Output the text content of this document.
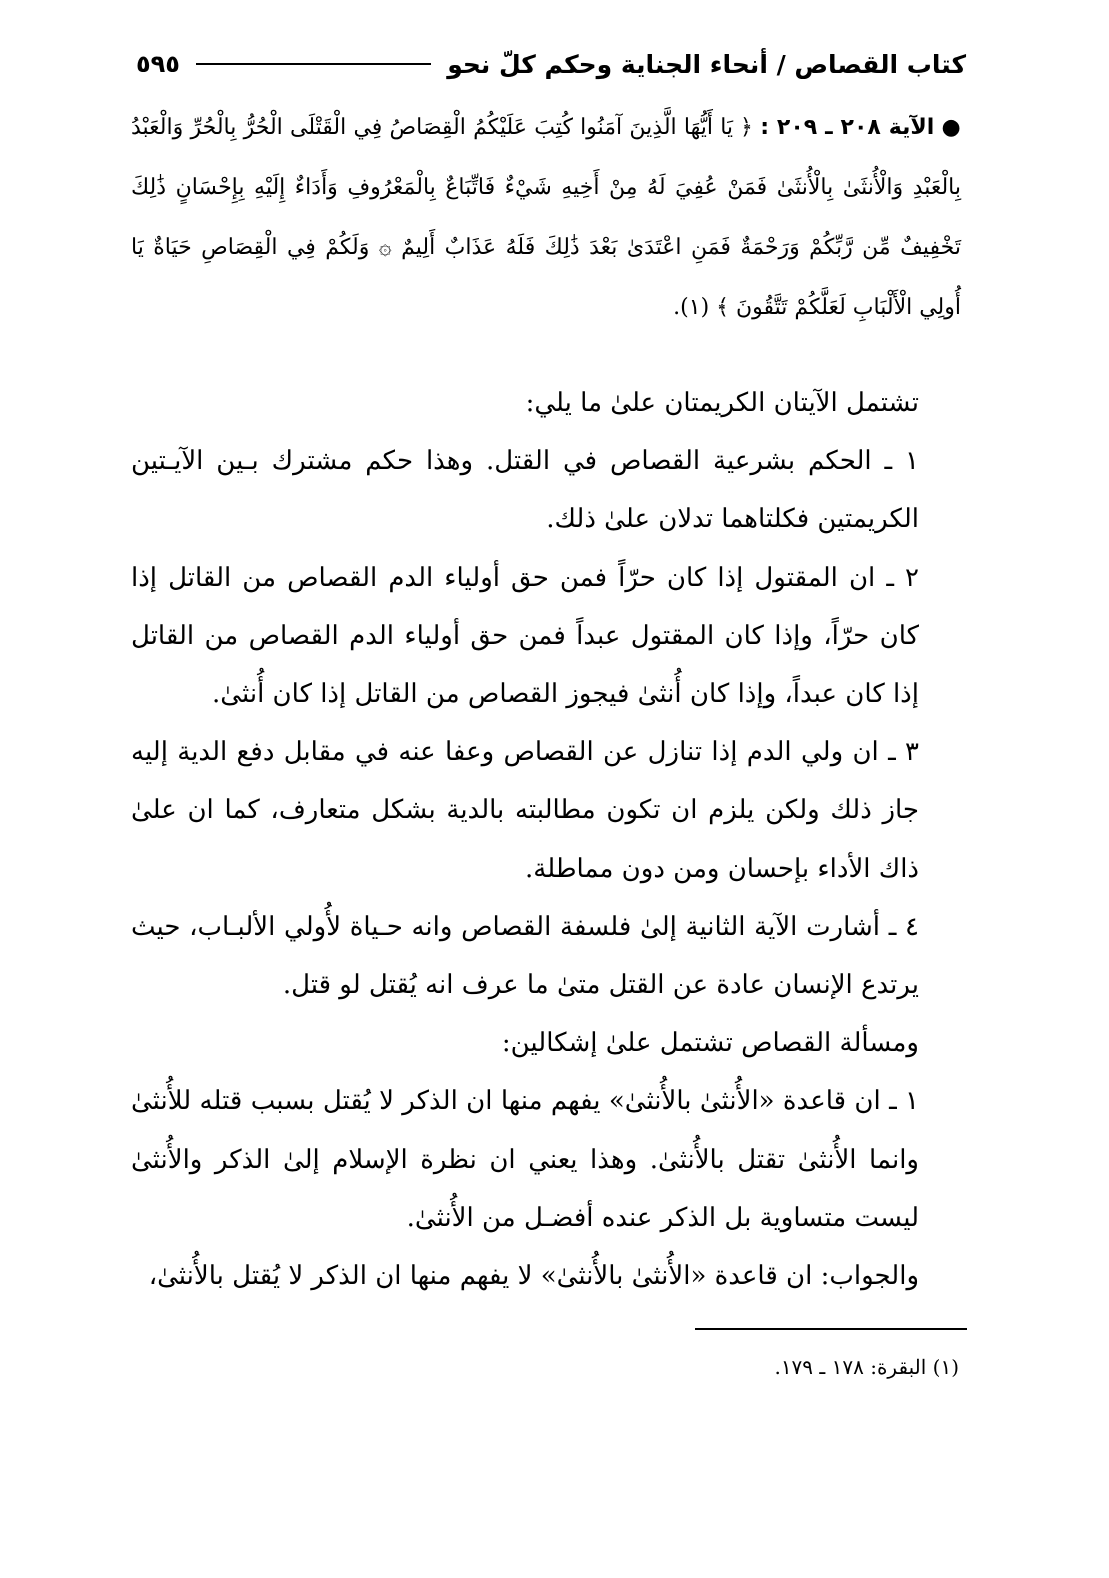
كتاب القصاص / أنحاء الجناية وحكم كلّ نحو
٥٩٥
● الآية ٢٠٨ ـ ٢٠٩ : ﴿ يَا أَيُّهَا الَّذِينَ آمَنُوا كُتِبَ عَلَيْكُمُ الْقِصَاصُ فِي الْقَتْلَى الْحُرُّ بِالْحُرِّ وَالْعَبْدُ بِالْعَبْدِ وَالْأُنثَىٰ بِالْأُنثَىٰ فَمَنْ عُفِيَ لَهُ مِنْ أَخِيهِ شَيْءٌ فَاتِّبَاعٌ بِالْمَعْرُوفِ وَأَدَاءٌ إِلَيْهِ بِإِحْسَانٍ ذَٰلِكَ تَخْفِيفٌ مِّن رَّبِّكُمْ وَرَحْمَةٌ فَمَنِ اعْتَدَىٰ بَعْدَ ذَٰلِكَ فَلَهُ عَذَابٌ أَلِيمٌ ۞ وَلَكُمْ فِي الْقِصَاصِ حَيَاةٌ يَا أُولِي الْأَلْبَابِ لَعَلَّكُمْ تَتَّقُونَ ﴾ (١).

تشتمل الآيتان الكريمتان علىٰ ما يلي:

١ ـ الحكم بشرعية القصاص في القتل. وهذا حكم مشترك بـين الآيـتين الكريمتين فكلتاهما تدلان علىٰ ذلك.

٢ ـ ان المقتول إذا كان حرّاً فمن حق أولياء الدم القصاص من القاتل إذا كان حرّاً، وإذا كان المقتول عبداً فمن حق أولياء الدم القصاص من القاتل إذا كان عبداً، وإذا كان أُنثىٰ فيجوز القصاص من القاتل إذا كان أُنثىٰ.

٣ ـ ان ولي الدم إذا تنازل عن القصاص وعفا عنه في مقابل دفع الدية إليه جاز ذلك ولكن يلزم ان تكون مطالبته بالدية بشكل متعارف، كما ان علىٰ ذاك الأداء بإحسان ومن دون مماطلة.

٤ ـ أشارت الآية الثانية إلىٰ فلسفة القصاص وانه حـياة لأُولي الألبـاب، حيث يرتدع الإنسان عادة عن القتل متىٰ ما عرف انه يُقتل لو قتل.

ومسألة القصاص تشتمل علىٰ إشكالين:

١ ـ ان قاعدة «الأُنثىٰ بالأُنثىٰ» يفهم منها ان الذكر لا يُقتل بسبب قتله للأُنثىٰ وانما الأُنثىٰ تقتل بالأُنثىٰ. وهذا يعني ان نظرة الإسلام إلىٰ الذكر والأُنثىٰ ليست متساوية بل الذكر عنده أفضـل من الأُنثىٰ.

والجواب: ان قاعدة «الأُنثىٰ بالأُنثىٰ» لا يفهم منها ان الذكر لا يُقتل بالأُنثىٰ،

(١) البقرة: ١٧٨ ـ ١٧٩.
